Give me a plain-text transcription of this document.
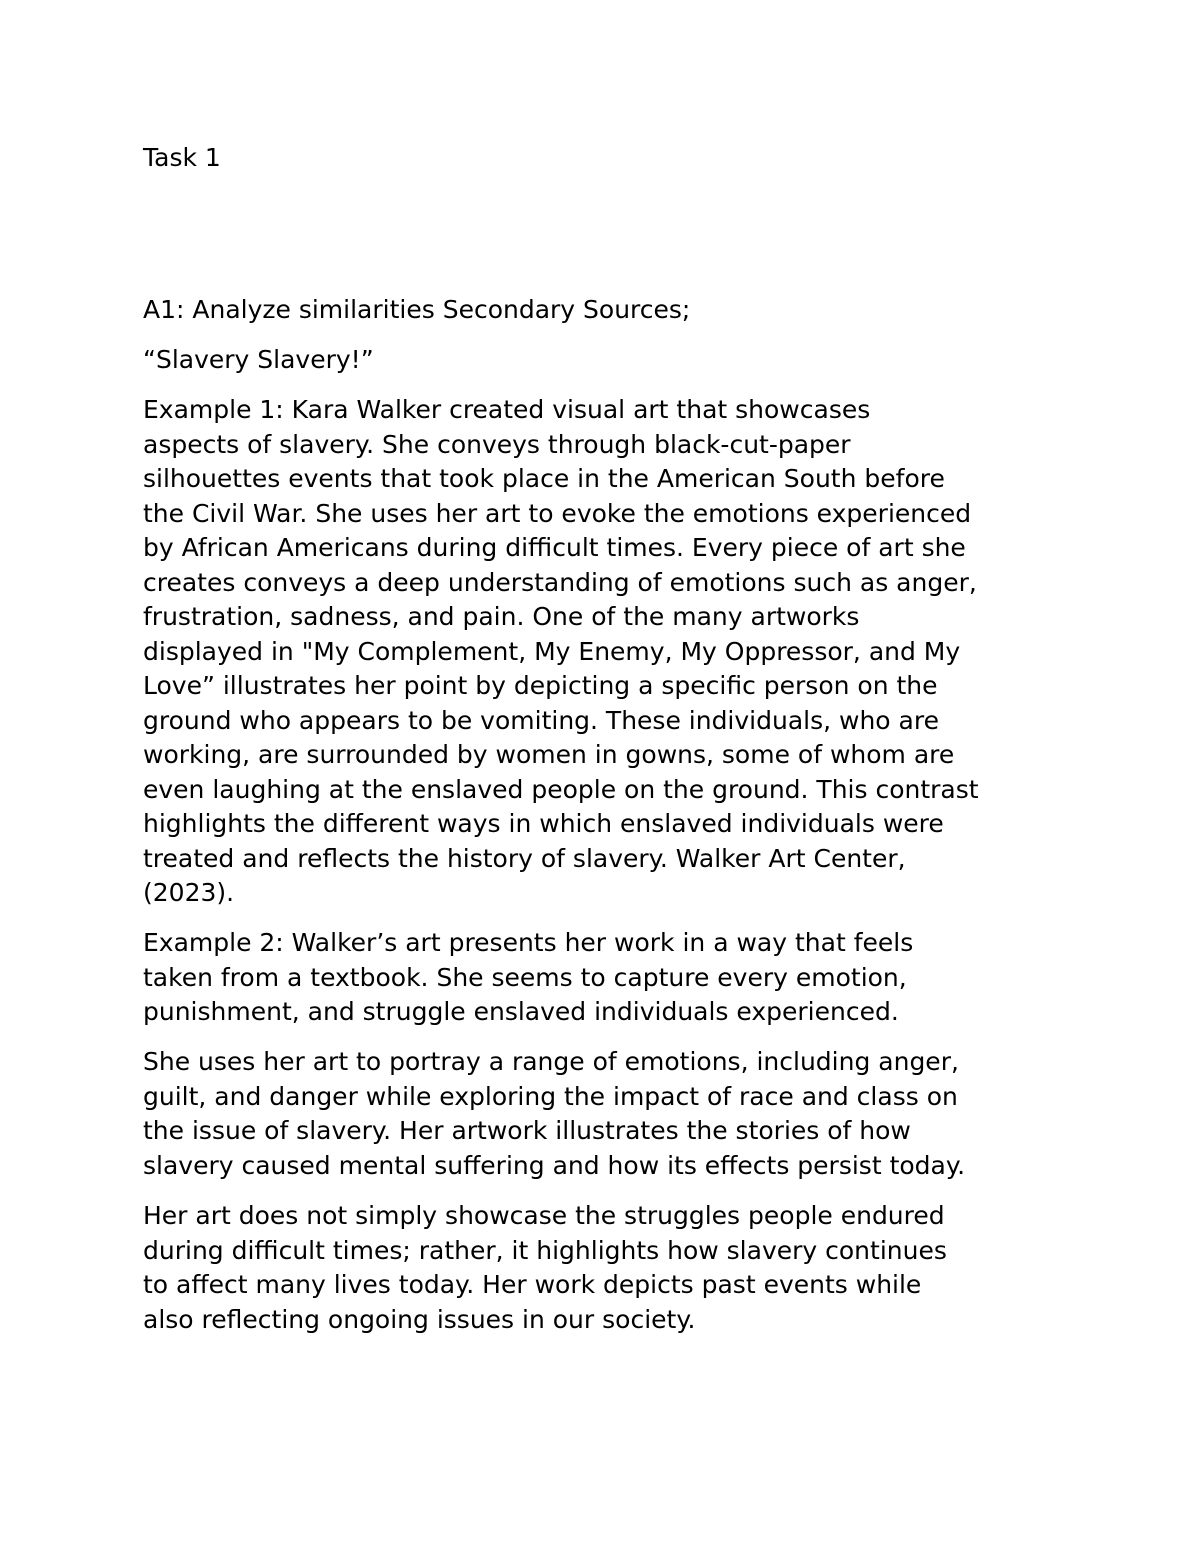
Task 1

A1: Analyze similarities Secondary Sources;

“Slavery Slavery!”

Example 1: Kara Walker created visual art that showcases
aspects of slavery. She conveys through black-cut-paper
silhouettes events that took place in the American South before
the Civil War. She uses her art to evoke the emotions experienced
by African Americans during difficult times. Every piece of art she
creates conveys a deep understanding of emotions such as anger,
frustration, sadness, and pain. One of the many artworks
displayed in "My Complement, My Enemy, My Oppressor, and My
Love” illustrates her point by depicting a specific person on the
ground who appears to be vomiting. These individuals, who are
working, are surrounded by women in gowns, some of whom are
even laughing at the enslaved people on the ground. This contrast
highlights the different ways in which enslaved individuals were
treated and reflects the history of slavery. Walker Art Center,
(2023).

Example 2: Walker’s art presents her work in a way that feels
taken from a textbook. She seems to capture every emotion,
punishment, and struggle enslaved individuals experienced.

She uses her art to portray a range of emotions, including anger,
guilt, and danger while exploring the impact of race and class on
the issue of slavery. Her artwork illustrates the stories of how
slavery caused mental suffering and how its effects persist today.

Her art does not simply showcase the struggles people endured
during difficult times; rather, it highlights how slavery continues
to affect many lives today. Her work depicts past events while
also reflecting ongoing issues in our society.
